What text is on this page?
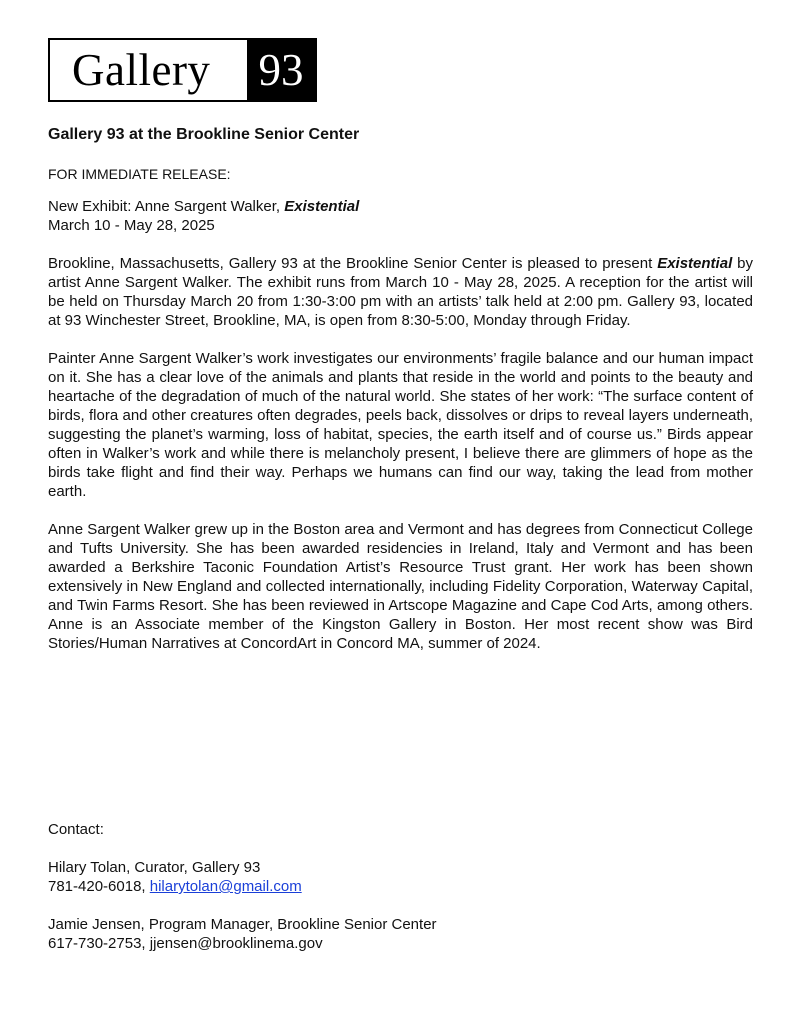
Gallery	93

Gallery 93 at the Brookline Senior Center

FOR IMMEDIATE RELEASE:

New Exhibit: Anne Sargent Walker, Existential

March 10 - May 28, 2025

Brookline, Massachusetts, Gallery 93 at the Brookline Senior Center is pleased to present Existential by artist Anne Sargent Walker. The exhibit runs from March 10 - May 28, 2025. A reception for the artist will be held on Thursday March 20 from 1:30-3:00 pm with an artists’ talk held at 2:00 pm. Gallery 93, located at 93 Winchester Street, Brookline, MA, is open from 8:30-5:00, Monday through Friday.

Painter Anne Sargent Walker’s work investigates our environments’ fragile balance and our human impact on it. She has a clear love of the animals and plants that reside in the world and points to the beauty and heartache of the degradation of much of the natural world. She states of her work: “The surface content of birds, flora and other creatures often degrades, peels back, dissolves or drips to reveal layers underneath, suggesting the planet’s warming, loss of habitat, species, the earth itself and of course us.” Birds appear often in Walker’s work and while there is melancholy present, I believe there are glimmers of hope as the birds take flight and find their way. Perhaps we humans can find our way, taking the lead from mother earth.

Anne Sargent Walker grew up in the Boston area and Vermont and has degrees from Connecticut College and Tufts University. She has been awarded residencies in Ireland, Italy and Vermont and has been awarded a Berkshire Taconic Foundation Artist’s Resource Trust grant. Her work has been shown extensively in New England and collected internationally, including Fidelity Corporation, Waterway Capital, and Twin Farms Resort. She has been reviewed in Artscope Magazine and Cape Cod Arts, among others. Anne is an Associate member of the Kingston Gallery in Boston. Her most recent show was Bird Stories/Human Narratives at ConcordArt in Concord MA, summer of 2024.

Contact:

Hilary Tolan, Curator, Gallery 93

781-420-6018, hilarytolan@gmail.com

Jamie Jensen, Program Manager, Brookline Senior Center

617-730-2753, jjensen@brooklinema.gov
